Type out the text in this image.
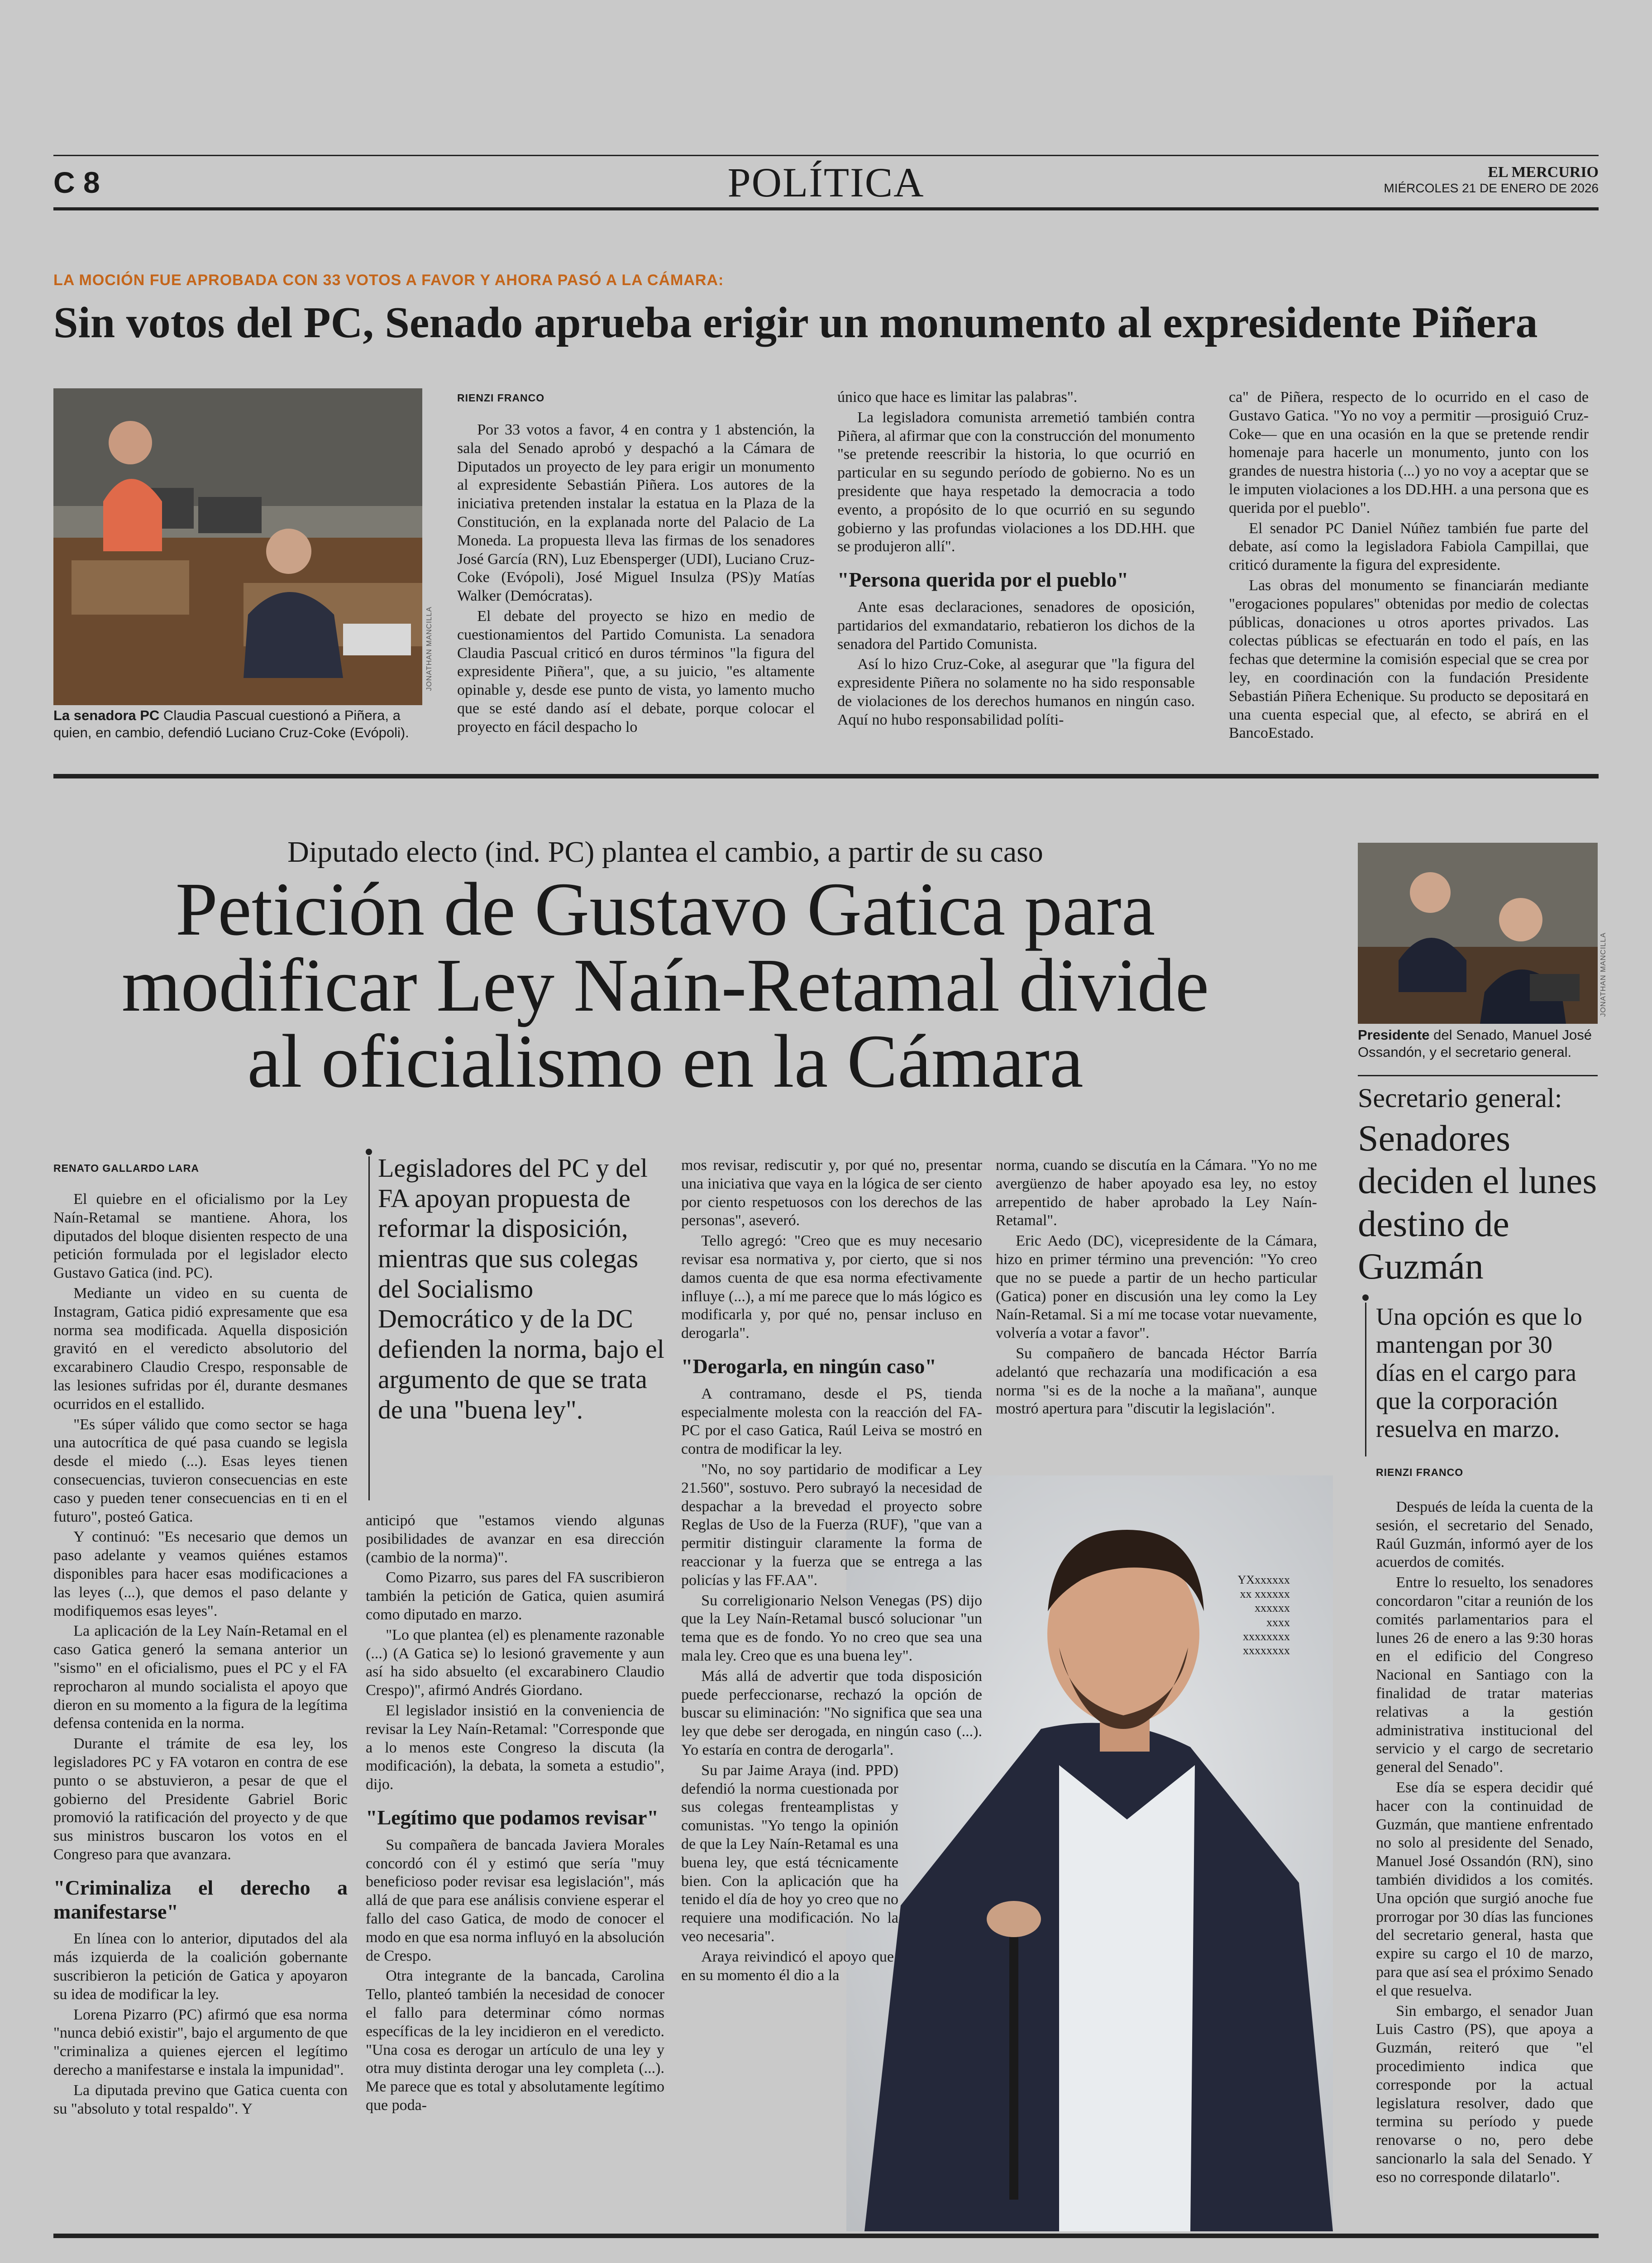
C 8	POLÍTICA	EL MERCURIO
MIÉRCOLES 21 DE ENERO DE 2026
LA MOCIÓN FUE APROBADA CON 33 VOTOS A FAVOR Y AHORA PASÓ A LA CÁMARA:
Sin votos del PC, Senado aprueba erigir un monumento al expresidente Piñera
JONATHAN MANCILLA
La senadora PC Claudia Pascual cuestionó a Piñera, a quien, en cambio, defendió Luciano Cruz-Coke (Evópoli).
RIENZI FRANCO

Por 33 votos a favor, 4 en contra y 1 abstención, la sala del Senado aprobó y despachó a la Cámara de Diputados un proyecto de ley para erigir un monumento al expresidente Sebastián Piñera. Los autores de la iniciativa pretenden instalar la estatua en la Plaza de la Constitución, en la explanada norte del Palacio de La Moneda. La propuesta lleva las firmas de los senadores José García (RN), Luz Ebensperger (UDI), Luciano Cruz-Coke (Evópoli), José Miguel Insulza (PS)y Matías Walker (Demócratas).

El debate del proyecto se hizo en medio de cuestionamientos del Partido Comunista. La senadora Claudia Pascual criticó en duros términos "la figura del expresidente Piñera", que, a su juicio, "es altamente opinable y, desde ese punto de vista, yo lamento mucho que se esté dando así el debate, porque colocar el proyecto en fácil despacho lo

único que hace es limitar las palabras".

La legisladora comunista arremetió también contra Piñera, al afirmar que con la construcción del monumento "se pretende reescribir la historia, lo que ocurrió en particular en su segundo período de gobierno. No es un presidente que haya respetado la democracia a todo evento, a propósito de lo que ocurrió en su segundo gobierno y las profundas violaciones a los DD.HH. que se produjeron allí".

"Persona querida por el pueblo"

Ante esas declaraciones, senadores de oposición, partidarios del exmandatario, rebatieron los dichos de la senadora del Partido Comunista.

Así lo hizo Cruz-Coke, al asegurar que "la figura del expresidente Piñera no solamente no ha sido responsable de violaciones de los derechos humanos en ningún caso. Aquí no hubo responsabilidad políti-

ca" de Piñera, respecto de lo ocurrido en el caso de Gustavo Gatica. "Yo no voy a permitir —prosiguió Cruz-Coke— que en una ocasión en la que se pretende rendir homenaje para hacerle un monumento, junto con los grandes de nuestra historia (...) yo no voy a aceptar que se le imputen violaciones a los DD.HH. a una persona que es querida por el pueblo".

El senador PC Daniel Núñez también fue parte del debate, así como la legisladora Fabiola Campillai, que criticó duramente la figura del expresidente.

Las obras del monumento se financiarán mediante "erogaciones populares" obtenidas por medio de colectas públicas, donaciones u otros aportes privados. Las colectas públicas se efectuarán en todo el país, en las fechas que determine la comisión especial que se crea por ley, en coordinación con la fundación Presidente Sebastián Piñera Echenique. Su producto se depositará en una cuenta especial que, al efecto, se abrirá en el BancoEstado.

Diputado electo (ind. PC) plantea el cambio, a partir de su caso
Petición de Gustavo Gatica para
modificar Ley Naín-Retamal divide
al oficialismo en la Cámara
RENATO GALLARDO LARA

El quiebre en el oficialismo por la Ley Naín-Retamal se mantiene. Ahora, los diputados del bloque disienten respecto de una petición formulada por el legislador electo Gustavo Gatica (ind. PC).

Mediante un video en su cuenta de Instagram, Gatica pidió expresamente que esa norma sea modificada. Aquella disposición gravitó en el veredicto absolutorio del excarabinero Claudio Crespo, responsable de las lesiones sufridas por él, durante desmanes ocurridos en el estallido.

"Es súper válido que como sector se haga una autocrítica de qué pasa cuando se legisla desde el miedo (...). Esas leyes tienen consecuencias, tuvieron consecuencias en este caso y pueden tener consecuencias en ti en el futuro", posteó Gatica.

Y continuó: "Es necesario que demos un paso adelante y veamos quiénes estamos disponibles para hacer esas modificaciones a las leyes (...), que demos el paso delante y modifiquemos esas leyes".

La aplicación de la Ley Naín-Retamal en el caso Gatica generó la semana anterior un "sismo" en el oficialismo, pues el PC y el FA reprocharon al mundo socialista el apoyo que dieron en su momento a la figura de la legítima defensa contenida en la norma.

Durante el trámite de esa ley, los legisladores PC y FA votaron en contra de ese punto o se abstuvieron, a pesar de que el gobierno del Presidente Gabriel Boric promovió la ratificación del proyecto y de que sus ministros buscaron los votos en el Congreso para que avanzara.

"Criminaliza el derecho a manifestarse"

En línea con lo anterior, diputados del ala más izquierda de la coalición gobernante suscribieron la petición de Gatica y apoyaron su idea de modificar la ley.

Lorena Pizarro (PC) afirmó que esa norma "nunca debió existir", bajo el argumento de que "criminaliza a quienes ejercen el legítimo derecho a manifestarse e instala la impunidad".

La diputada previno que Gatica cuenta con su "absoluto y total respaldo". Y

Legisladores del PC y del FA apoyan propuesta de reformar la disposición, mientras que sus colegas del Socialismo Democrático y de la DC defienden la norma, bajo el argumento de que se trata de una "buena ley".

anticipó que "estamos viendo algunas posibilidades de avanzar en esa dirección (cambio de la norma)".

Como Pizarro, sus pares del FA suscribieron también la petición de Gatica, quien asumirá como diputado en marzo.

"Lo que plantea (el) es plenamente razonable (...) (A Gatica se) lo lesionó gravemente y aun así ha sido absuelto (el excarabinero Claudio Crespo)", afirmó Andrés Giordano.

El legislador insistió en la conveniencia de revisar la Ley Naín-Retamal: "Corresponde que a lo menos este Congreso la discuta (la modificación), la debata, la someta a estudio", dijo.

"Legítimo que podamos revisar"

Su compañera de bancada Javiera Morales concordó con él y estimó que sería "muy beneficioso poder revisar esa legislación", más allá de que para ese análisis conviene esperar el fallo del caso Gatica, de modo de conocer el modo en que esa norma influyó en la absolución de Crespo.

Otra integrante de la bancada, Carolina Tello, planteó también la necesidad de conocer el fallo para determinar cómo normas específicas de la ley incidieron en el veredicto. "Una cosa es derogar un artículo de una ley y otra muy distinta derogar una ley completa (...). Me parece que es total y absolutamente legítimo que poda-

mos revisar, rediscutir y, por qué no, presentar una iniciativa que vaya en la lógica de ser ciento por ciento respetuosos con los derechos de las personas", aseveró.

Tello agregó: "Creo que es muy necesario revisar esa normativa y, por cierto, que si nos damos cuenta de que esa norma efectivamente influye (...), a mí me parece que lo más lógico es modificarla y, por qué no, pensar incluso en derogarla".

"Derogarla, en ningún caso"

A contramano, desde el PS, tienda especialmente molesta con la reacción del FA-PC por el caso Gatica, Raúl Leiva se mostró en contra de modificar la ley.

"No, no soy partidario de modificar a Ley 21.560", sostuvo. Pero subrayó la necesidad de despachar a la brevedad el proyecto sobre Reglas de Uso de la Fuerza (RUF), "que van a permitir distinguir claramente la forma de reaccionar y la fuerza que se entrega a las policías y las FF.AA".

Su correligionario Nelson Venegas (PS) dijo que la Ley Naín-Retamal buscó solucionar "un tema que es de fondo. Yo no creo que sea una mala ley. Creo que es una buena ley".

Más allá de advertir que toda disposición puede perfeccionarse, rechazó la opción de buscar su eliminación: "No significa que sea una ley que debe ser derogada, en ningún caso (...). Yo estaría en contra de derogarla".

Su par Jaime Araya (ind. PPD) defendió la norma cuestionada por sus colegas frenteamplistas y comunistas. "Yo tengo la opinión de que la Ley Naín-Retamal es una buena ley, que está técnicamente bien. Con la aplicación que ha tenido el día de hoy yo creo que no requiere una modificación. No la veo necesaria".

Araya reivindicó el apoyo que en su momento él dio a la

norma, cuando se discutía en la Cámara. "Yo no me avergüenzo de haber apoyado esa ley, no estoy arrepentido de haber aprobado la Ley Naín-Retamal".

Eric Aedo (DC), vicepresidente de la Cámara, hizo en primer término una prevención: "Yo creo que no se puede a partir de un hecho particular (Gatica) poner en discusión una ley como la Ley Naín-Retamal. Si a mí me tocase votar nuevamente, volvería a votar a favor".

Su compañero de bancada Héctor Barría adelantó que rechazaría una modificación a esa norma "si es de la noche a la mañana", aunque mostró apertura para "discutir la legislación".

YXxxxxxx
xx xxxxxx
xxxxxx
xxxx
xxxxxxxx
xxxxxxxx
JONATHAN MANCILLA
Presidente del Senado, Manuel José Ossandón, y el secretario general.
Secretario general:
Senadores deciden el lunes destino de Guzmán
Una opción es que lo mantengan por 30 días en el cargo para que la corporación resuelva en marzo.
RIENZI FRANCO

Después de leída la cuenta de la sesión, el secretario del Senado, Raúl Guzmán, informó ayer de los acuerdos de comités.

Entre lo resuelto, los senadores concordaron "citar a reunión de los comités parlamentarios para el lunes 26 de enero a las 9:30 horas en el edificio del Congreso Nacional en Santiago con la finalidad de tratar materias relativas a la gestión administrativa institucional del servicio y el cargo de secretario general del Senado".

Ese día se espera decidir qué hacer con la continuidad de Guzmán, que mantiene enfrentado no solo al presidente del Senado, Manuel José Ossandón (RN), sino también divididos a los comités. Una opción que surgió anoche fue prorrogar por 30 días las funciones del secretario general, hasta que expire su cargo el 10 de marzo, para que así sea el próximo Senado el que resuelva.

Sin embargo, el senador Juan Luis Castro (PS), que apoya a Guzmán, reiteró que "el procedimiento indica que corresponde por la actual legislatura resolver, dado que termina su período y puede renovarse o no, pero debe sancionarlo la sala del Senado. Y eso no corresponde dilatarlo".
